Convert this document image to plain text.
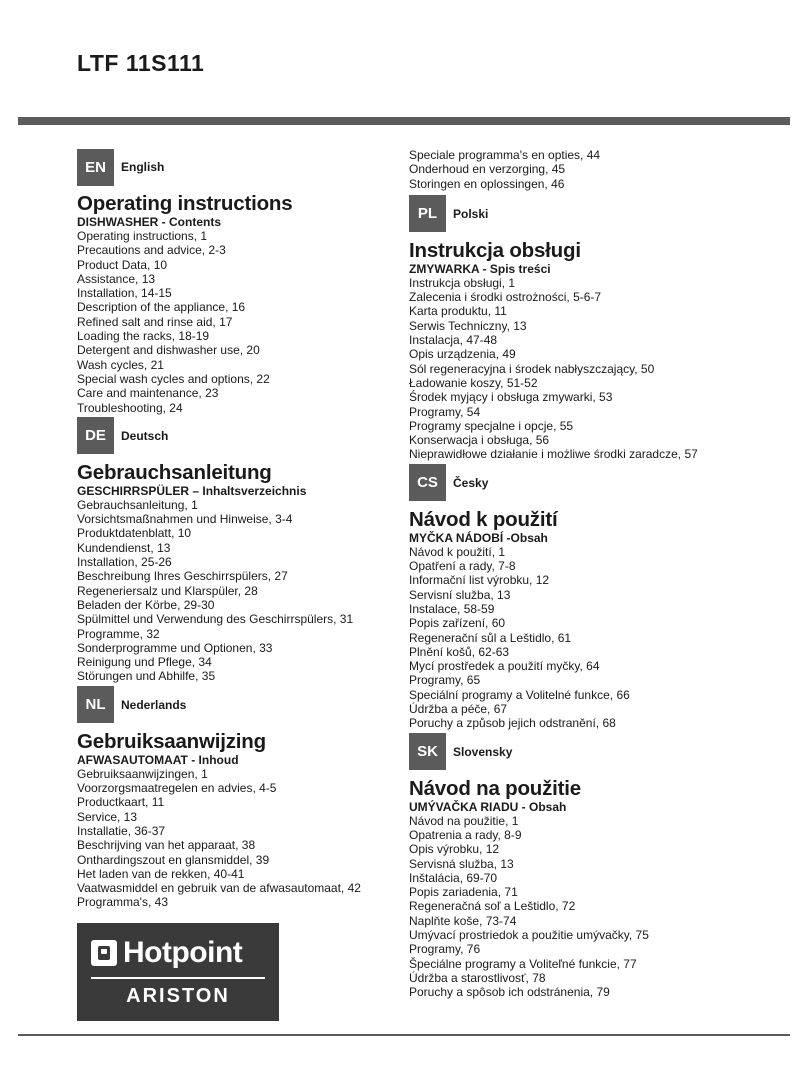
LTF 11S111
EN	English
Operating instructions
DISHWASHER - Contents
Operating instructions, 1
Precautions and advice, 2-3
Product Data, 10
Assistance, 13
Installation, 14-15
Description of the appliance, 16
Refined salt and rinse aid, 17
Loading the racks, 18-19
Detergent and dishwasher use, 20
Wash cycles, 21
Special wash cycles and options, 22
Care and maintenance, 23
Troubleshooting, 24
DE	Deutsch
Gebrauchsanleitung
GESCHIRRSPÜLER – Inhaltsverzeichnis
Gebrauchsanleitung, 1
Vorsichtsmaßnahmen und Hinweise, 3-4
Produktdatenblatt, 10
Kundendienst, 13
Installation, 25-26
Beschreibung Ihres Geschirrspülers, 27
Regeneriersalz und Klarspüler, 28
Beladen der Körbe, 29-30
Spülmittel und Verwendung des Geschirrspülers, 31
Programme, 32
Sonderprogramme und Optionen, 33
Reinigung und Pflege, 34
Störungen und Abhilfe, 35
NL	Nederlands
Gebruiksaanwijzing
AFWASAUTOMAAT - Inhoud
Gebruiksaanwijzingen, 1
Voorzorgsmaatregelen en advies, 4-5
Productkaart, 11
Service, 13
Installatie, 36-37
Beschrijving van het apparaat, 38
Onthardingszout en glansmiddel, 39
Het laden van de rekken, 40-41
Vaatwasmiddel en gebruik van de afwasautomaat, 42
Programma's, 43
Hotpoint
ARISTON
Speciale programma's en opties, 44
Onderhoud en verzorging, 45
Storingen en oplossingen, 46
PL	Polski
Instrukcja obsługi
ZMYWARKA - Spis treści
Instrukcja obsługi, 1
Zalecenia i środki ostrożności, 5-6-7
Karta produktu, 11
Serwis Techniczny, 13
Instalacja, 47-48
Opis urządzenia, 49
Sól regeneracyjna i środek nabłyszczający, 50
Ładowanie koszy, 51-52
Środek myjący i obsługa zmywarki, 53
Programy, 54
Programy specjalne i opcje, 55
Konserwacja i obsługa, 56
Nieprawidłowe działanie i możliwe środki zaradcze, 57
CS	Česky
Návod k použití
MYČKA NÁDOBÍ -Obsah
Návod k použití, 1
Opatření a rady, 7-8
Informační list výrobku, 12
Servisní služba, 13
Instalace, 58-59
Popis zařízení, 60
Regenerační sůl a Leštidlo, 61
Plnění košů, 62-63
Mycí prostředek a použití myčky, 64
Programy, 65
Speciální programy a Volitelné funkce, 66
Údržba a péče, 67
Poruchy a způsob jejich odstranění, 68
SK	Slovensky
Návod na použitie
UMÝVAČKA RIADU - Obsah
Návod na použitie, 1
Opatrenia a rady, 8-9
Opis výrobku, 12
Servisná služba, 13
Inštalácia, 69-70
Popis zariadenia, 71
Regeneračná soľ a Leštidlo, 72
Naplňte koše, 73-74
Umývací prostriedok a použitie umývačky, 75
Programy, 76
Špeciálne programy a Voliteľné funkcie, 77
Údržba a starostlivosť, 78
Poruchy a spôsob ich odstránenia, 79
